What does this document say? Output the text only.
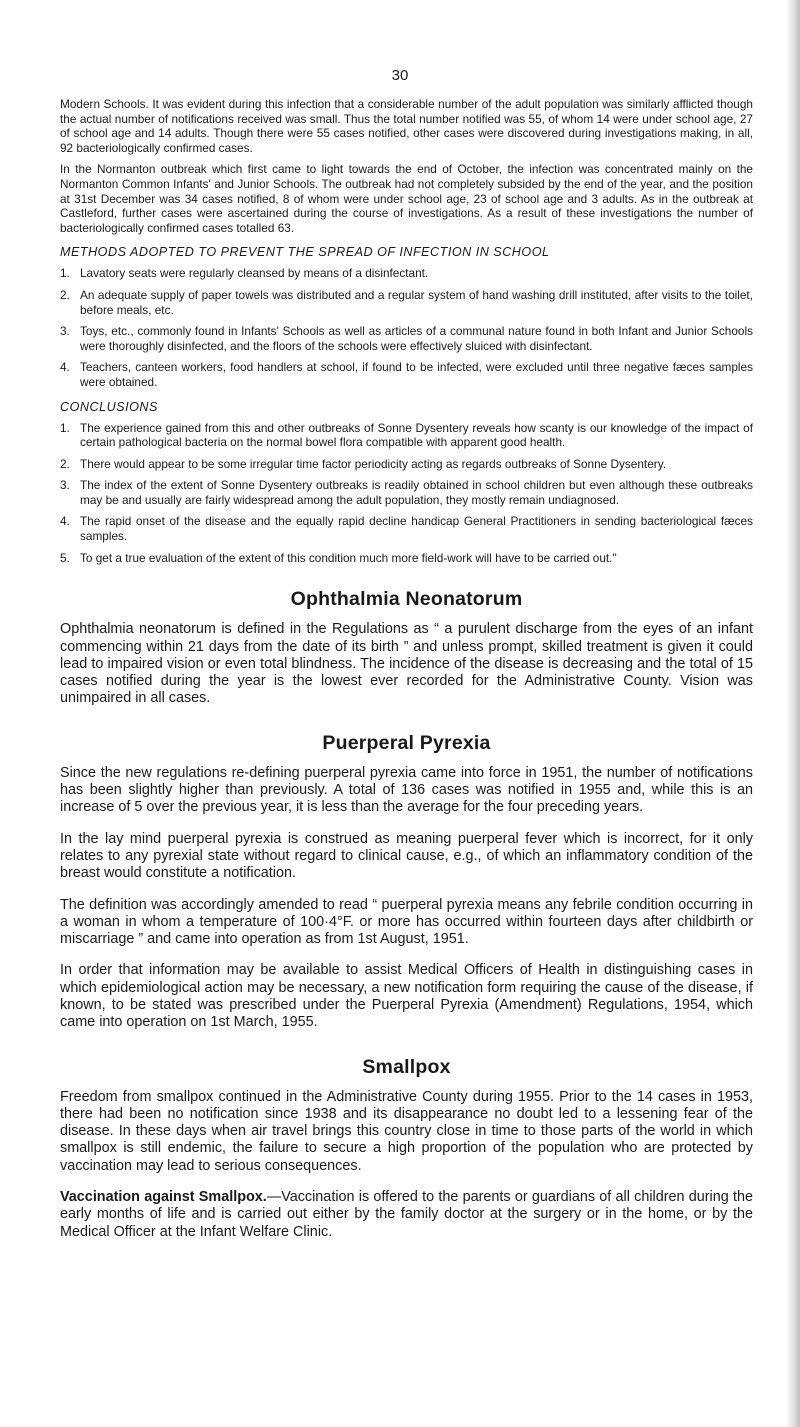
30

Modern Schools. It was evident during this infection that a considerable number of the adult population was similarly afflicted though the actual number of notifications received was small. Thus the total number notified was 55, of whom 14 were under school age, 27 of school age and 14 adults. Though there were 55 cases notified, other cases were discovered during investigations making, in all, 92 bacteriologically confirmed cases.

In the Normanton outbreak which first came to light towards the end of October, the infection was concentrated mainly on the Normanton Common Infants' and Junior Schools. The outbreak had not completely subsided by the end of the year, and the position at 31st December was 34 cases notified, 8 of whom were under school age, 23 of school age and 3 adults. As in the outbreak at Castleford, further cases were ascertained during the course of investigations. As a result of these investigations the number of bacteriologically confirmed cases totalled 63.

METHODS ADOPTED TO PREVENT THE SPREAD OF INFECTION IN SCHOOL
1. Lavatory seats were regularly cleansed by means of a disinfectant.
2. An adequate supply of paper towels was distributed and a regular system of hand washing drill instituted, after visits to the toilet, before meals, etc.
3. Toys, etc., commonly found in Infants' Schools as well as articles of a communal nature found in both Infant and Junior Schools were thoroughly disinfected, and the floors of the schools were effectively sluiced with disinfectant.
4. Teachers, canteen workers, food handlers at school, if found to be infected, were excluded until three negative fæces samples were obtained.
CONCLUSIONS
1. The experience gained from this and other outbreaks of Sonne Dysentery reveals how scanty is our knowledge of the impact of certain pathological bacteria on the normal bowel flora compatible with apparent good health.
2. There would appear to be some irregular time factor periodicity acting as regards outbreaks of Sonne Dysentery.
3. The index of the extent of Sonne Dysentery outbreaks is readily obtained in school children but even although these outbreaks may be and usually are fairly widespread among the adult population, they mostly remain undiagnosed.
4. The rapid onset of the disease and the equally rapid decline handicap General Practitioners in sending bacteriological fæces samples.
5. To get a true evaluation of the extent of this condition much more field-work will have to be carried out."
Ophthalmia Neonatorum

Ophthalmia neonatorum is defined in the Regulations as “ a purulent discharge from the eyes of an infant commencing within 21 days from the date of its birth ” and unless prompt, skilled treatment is given it could lead to impaired vision or even total blindness. The incidence of the disease is decreasing and the total of 15 cases notified during the year is the lowest ever recorded for the Administrative County. Vision was unimpaired in all cases.

Puerperal Pyrexia

Since the new regulations re-defining puerperal pyrexia came into force in 1951, the number of notifications has been slightly higher than previously. A total of 136 cases was notified in 1955 and, while this is an increase of 5 over the previous year, it is less than the average for the four preceding years.

In the lay mind puerperal pyrexia is construed as meaning puerperal fever which is incorrect, for it only relates to any pyrexial state without regard to clinical cause, e.g., of which an inflammatory condition of the breast would constitute a notification.

The definition was accordingly amended to read “ puerperal pyrexia means any febrile condition occurring in a woman in whom a temperature of 100·4°F. or more has occurred within fourteen days after childbirth or miscarriage ” and came into operation as from 1st August, 1951.

In order that information may be available to assist Medical Officers of Health in distinguishing cases in which epidemiological action may be necessary, a new notification form requiring the cause of the disease, if known, to be stated was prescribed under the Puerperal Pyrexia (Amendment) Regulations, 1954, which came into operation on 1st March, 1955.

Smallpox

Freedom from smallpox continued in the Administrative County during 1955. Prior to the 14 cases in 1953, there had been no notification since 1938 and its disappearance no doubt led to a lessening fear of the disease. In these days when air travel brings this country close in time to those parts of the world in which smallpox is still endemic, the failure to secure a high proportion of the population who are protected by vaccination may lead to serious consequences.

Vaccination against Smallpox.—Vaccination is offered to the parents or guardians of all children during the early months of life and is carried out either by the family doctor at the surgery or in the home, or by the Medical Officer at the Infant Welfare Clinic.
